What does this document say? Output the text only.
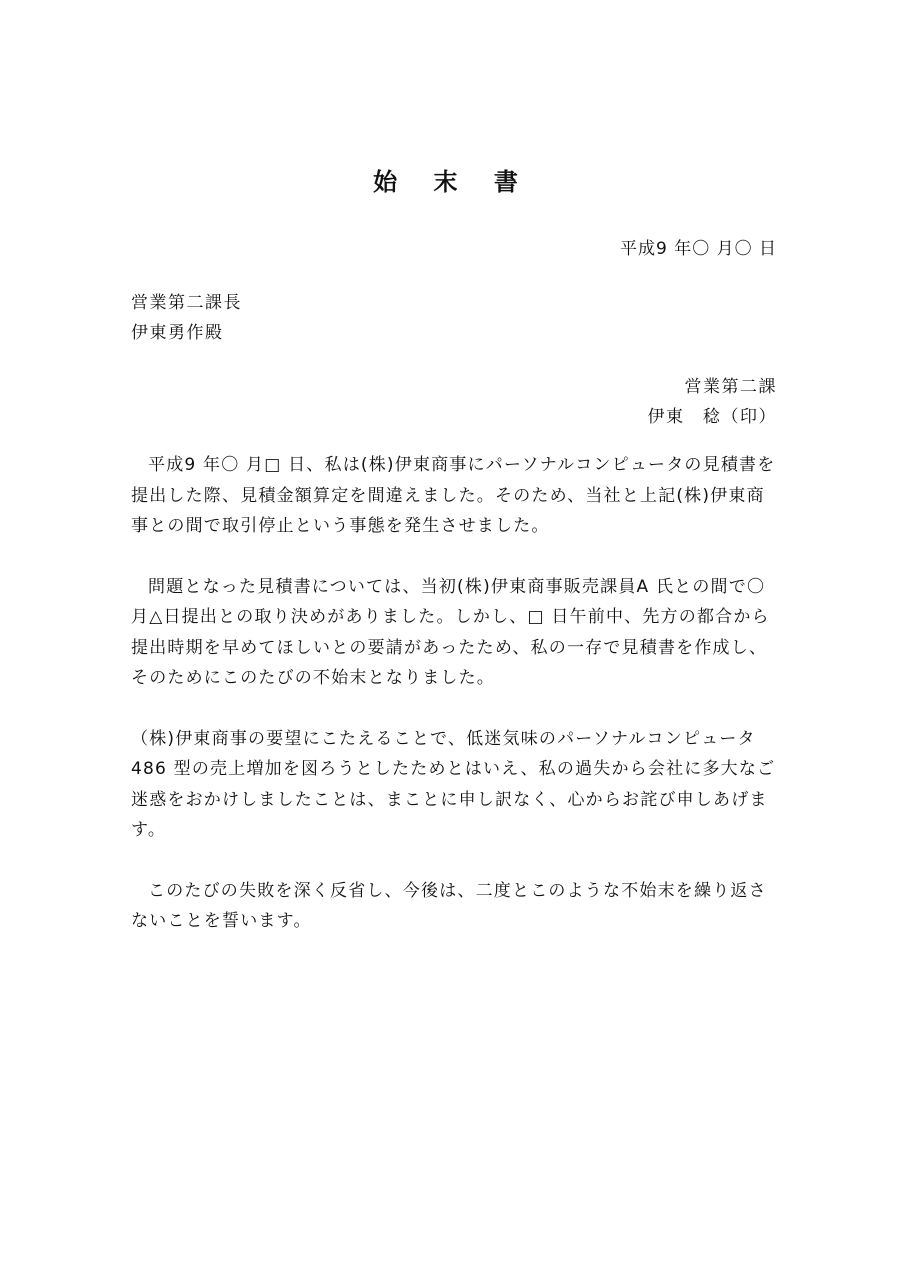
始 末 書
平成9 年〇 月〇 日
営業第二課長
伊東勇作殿
営業第二課
伊東　稔（印）

平成9 年〇 月□ 日、私は(株)伊東商事にパーソナルコンピュータの見積書を提出した際、見積金額算定を間違えました。そのため、当社と上記(株)伊東商事との間で取引停止という事態を発生させました。

問題となった見積書については、当初(株)伊東商事販売課員A 氏との間で〇 月△日提出との取り決めがありました。しかし、□ 日午前中、先方の都合から提出時期を早めてほしいとの要請があったため、私の一存で見積書を作成し、そのためにこのたびの不始末となりました。

（株)伊東商事の要望にこたえることで、低迷気味のパーソナルコンピュータ486 型の売上増加を図ろうとしたためとはいえ、私の過失から会社に多大なご迷惑をおかけしましたことは、まことに申し訳なく、心からお詫び申しあげます。

このたびの失敗を深く反省し、今後は、二度とこのような不始末を繰り返さないことを誓います。
